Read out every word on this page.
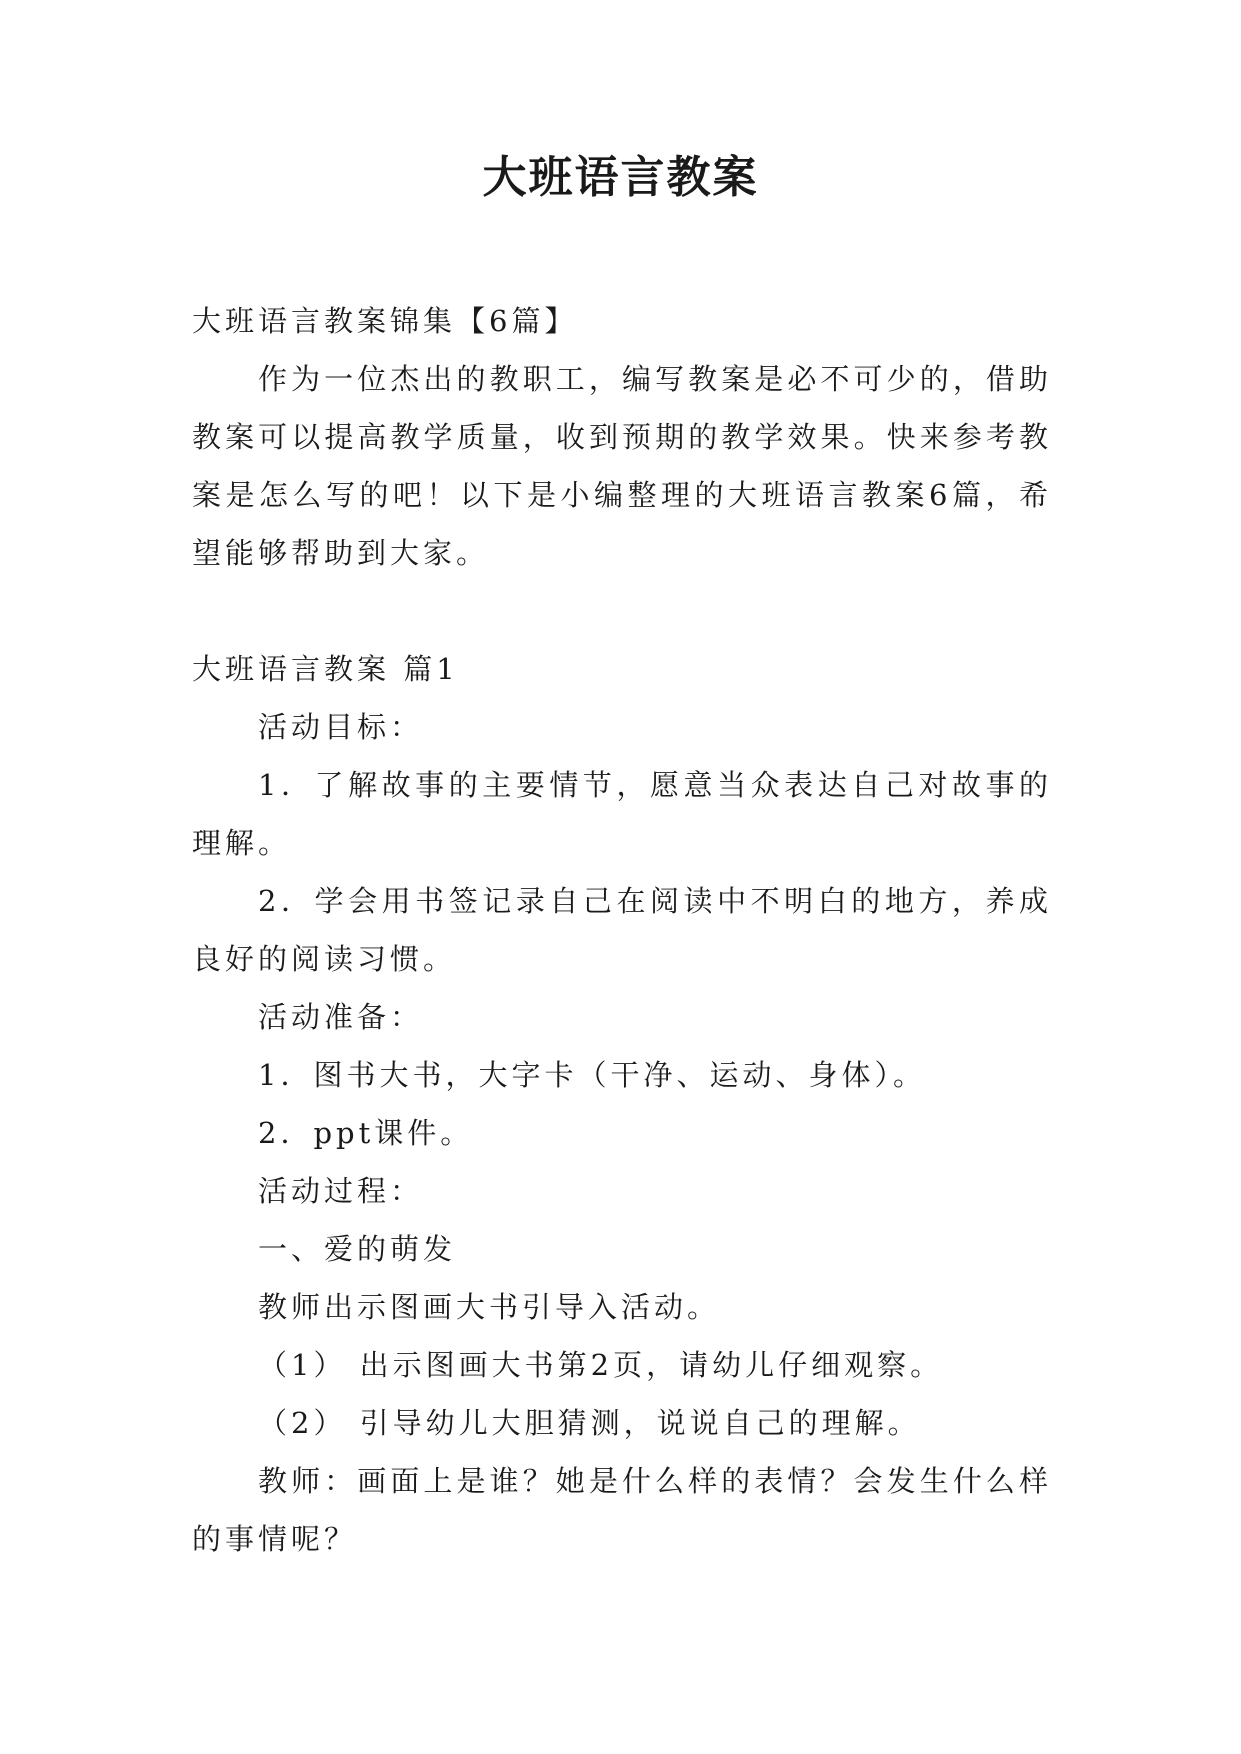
大班语言教案

大班语言教案锦集【6篇】

作为一位杰出的教职工，编写教案是必不可少的，借助教案可以提高教学质量，收到预期的教学效果。快来参考教案是怎么写的吧！以下是小编整理的大班语言教案6篇，希望能够帮助到大家。

大班语言教案 篇1

活动目标：

1．了解故事的主要情节，愿意当众表达自己对故事的理解。

2．学会用书签记录自己在阅读中不明白的地方，养成良好的阅读习惯。

活动准备：

1．图书大书，大字卡（干净、运动、身体）。

2．ppt课件。

活动过程：

一、爱的萌发

教师出示图画大书引导入活动。

（1） 出示图画大书第2页，请幼儿仔细观察。

（2） 引导幼儿大胆猜测，说说自己的理解。

教师：画面上是谁？她是什么样的表情？会发生什么样的事情呢？
